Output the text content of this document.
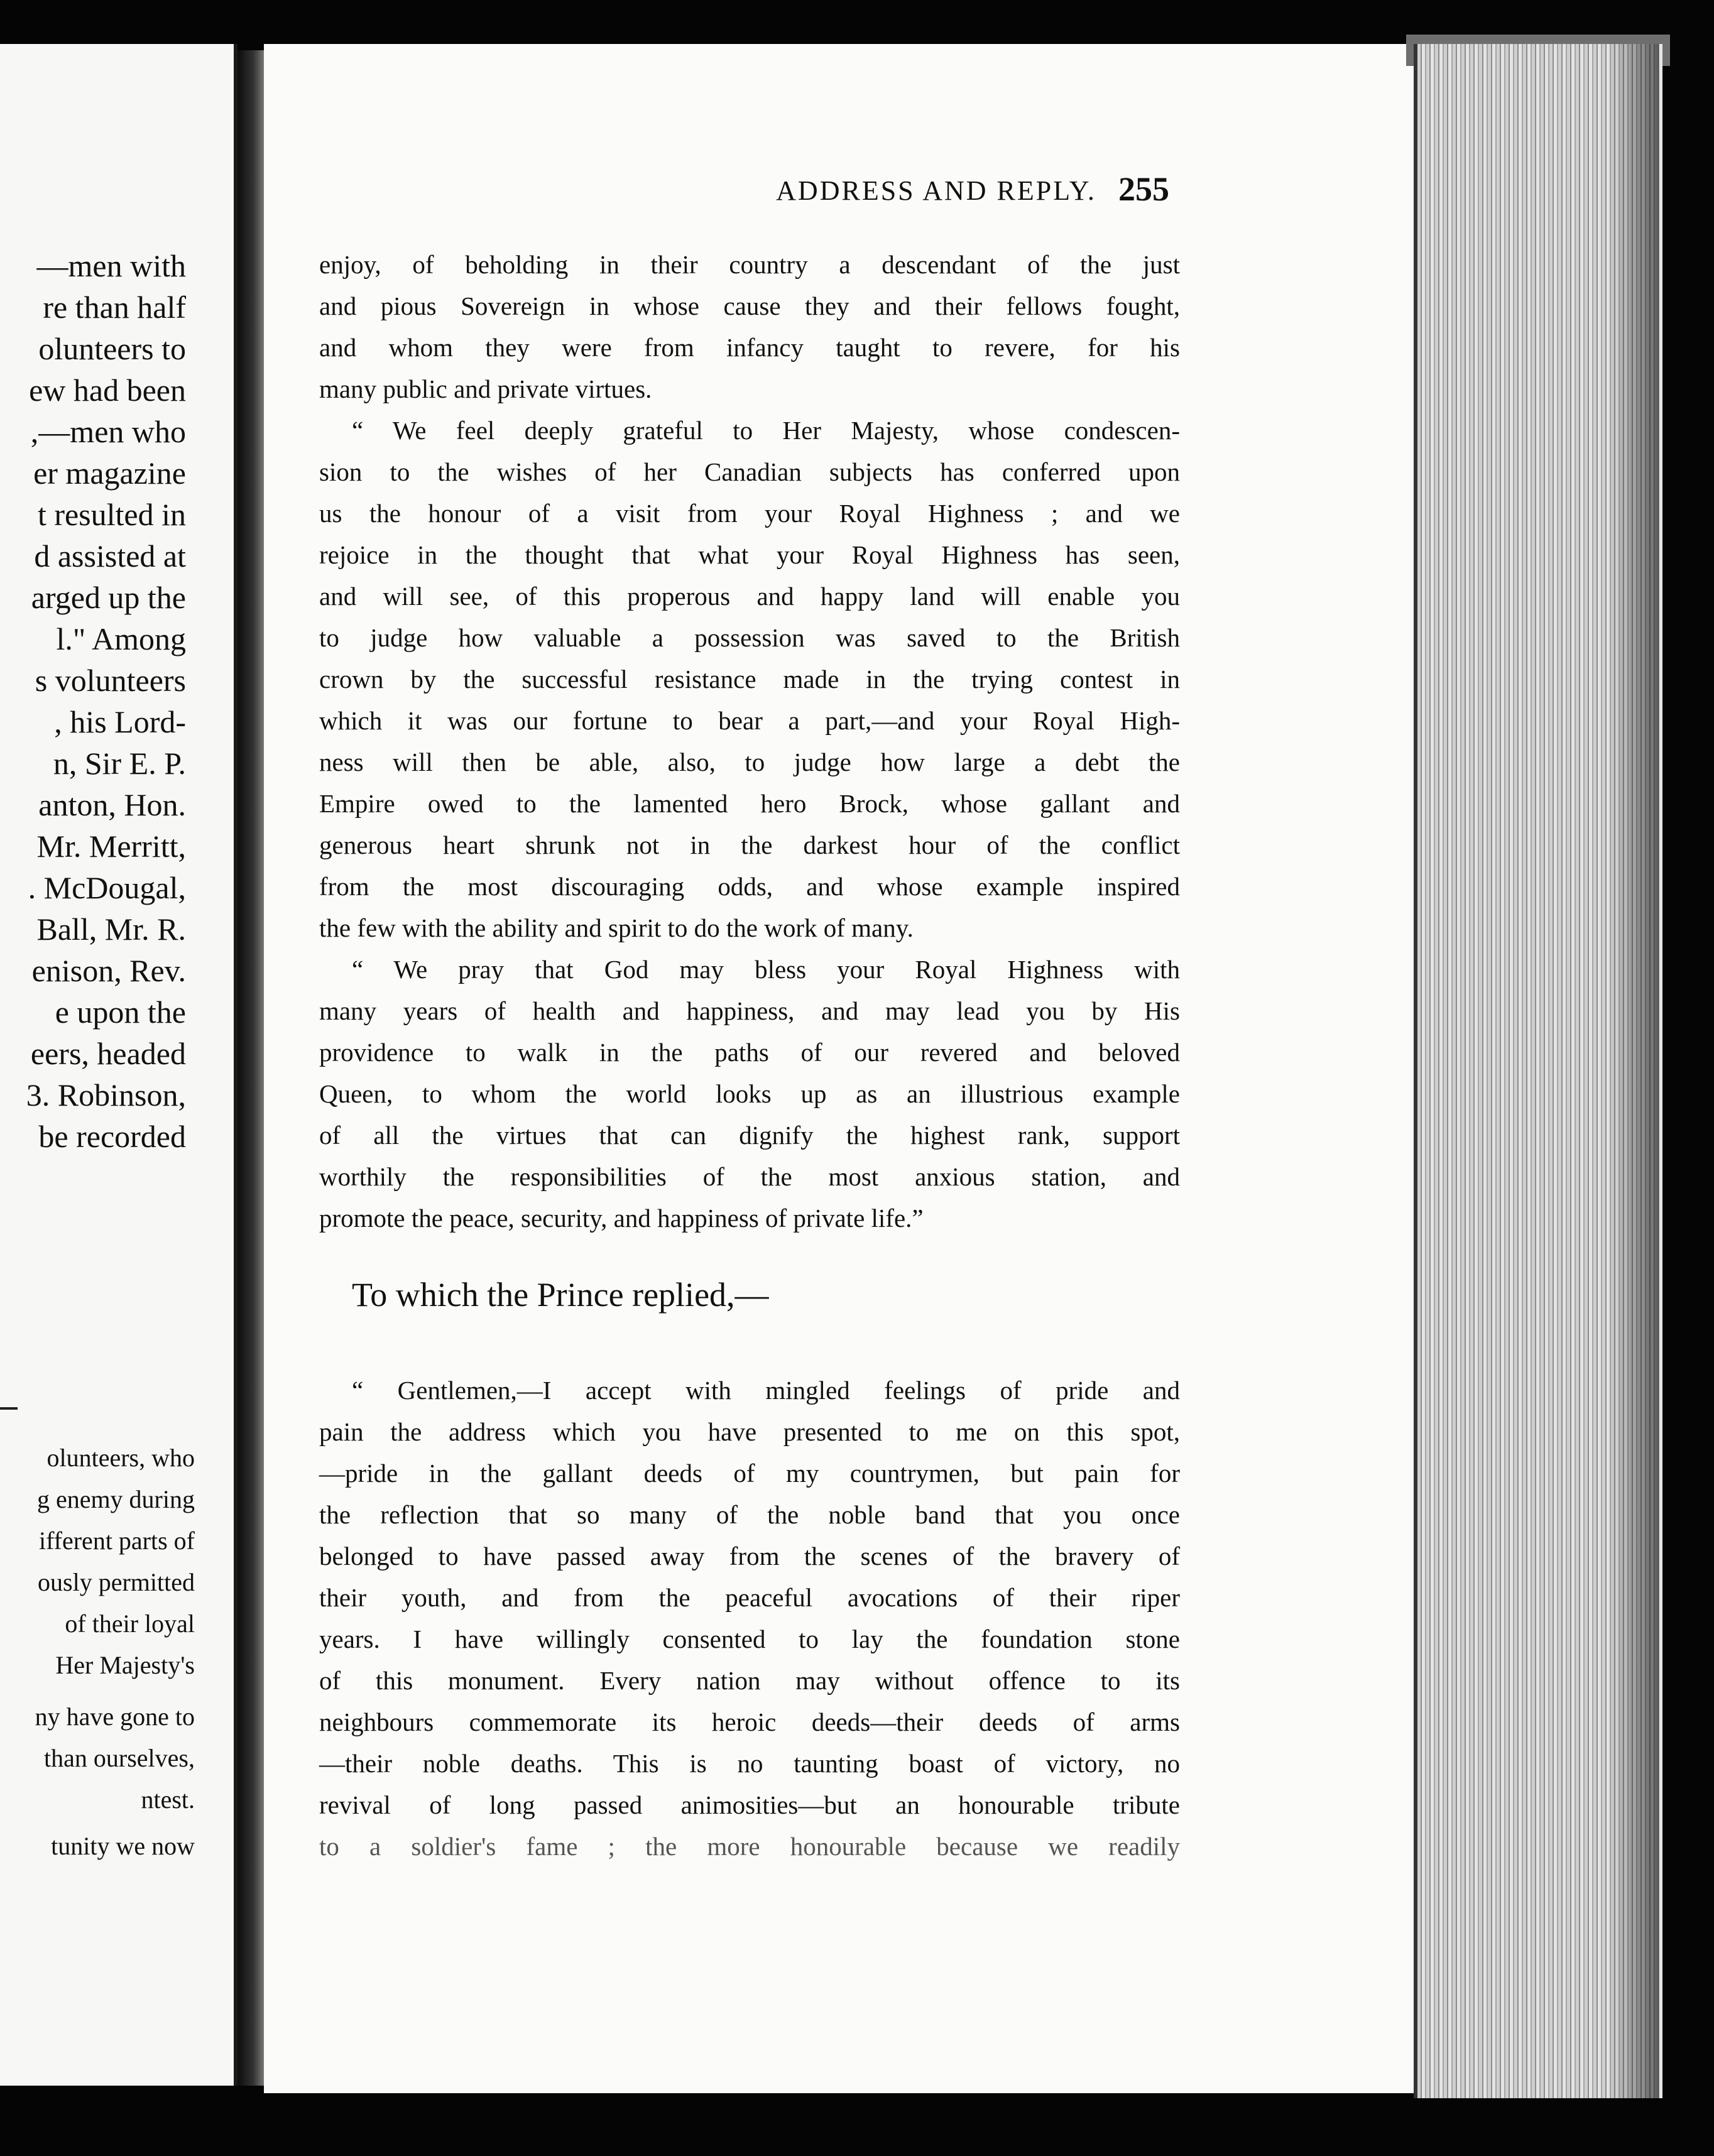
—men with
re than half
olunteers to
ew had been
,—men who
er magazine
t resulted in
d assisted at
arged up the
l." Among
s volunteers
, his Lord-
n, Sir E. P.
anton, Hon.
Mr. Merritt,
. McDougal,
Ball, Mr. R.
enison, Rev.
e upon the
eers, headed
3. Robinson,
be recorded
olunteers, who
g enemy during
ifferent parts of
ously permitted
of their loyal
Her Majesty's
ny have gone to
than ourselves,
ntest.
tunity we now
ADDRESS AND REPLY. 255
enjoy, of beholding in their country a descendant of the just
and pious Sovereign in whose cause they and their fellows fought,
and whom they were from infancy taught to revere, for his
many public and private virtues.
“ We feel deeply grateful to Her Majesty, whose condescen-
sion to the wishes of her Canadian subjects has conferred upon
us the honour of a visit from your Royal Highness ; and we
rejoice in the thought that what your Royal Highness has seen,
and will see, of this properous and happy land will enable you
to judge how valuable a possession was saved to the British
crown by the successful resistance made in the trying contest in
which it was our fortune to bear a part,—and your Royal High-
ness will then be able, also, to judge how large a debt the
Empire owed to the lamented hero Brock, whose gallant and
generous heart shrunk not in the darkest hour of the conflict
from the most discouraging odds, and whose example inspired
the few with the ability and spirit to do the work of many.
“ We pray that God may bless your Royal Highness with
many years of health and happiness, and may lead you by His
providence to walk in the paths of our revered and beloved
Queen, to whom the world looks up as an illustrious example
of all the virtues that can dignify the highest rank, support
worthily the responsibilities of the most anxious station, and
promote the peace, security, and happiness of private life.”
To which the Prince replied,—
“ Gentlemen,—I accept with mingled feelings of pride and
pain the address which you have presented to me on this spot,
—pride in the gallant deeds of my countrymen, but pain for
the reflection that so many of the noble band that you once
belonged to have passed away from the scenes of the bravery of
their youth, and from the peaceful avocations of their riper
years. I have willingly consented to lay the foundation stone
of this monument. Every nation may without offence to its
neighbours commemorate its heroic deeds—their deeds of arms
—their noble deaths. This is no taunting boast of victory, no
revival of long passed animosities—but an honourable tribute
to a soldier's fame ; the more honourable because we readily
